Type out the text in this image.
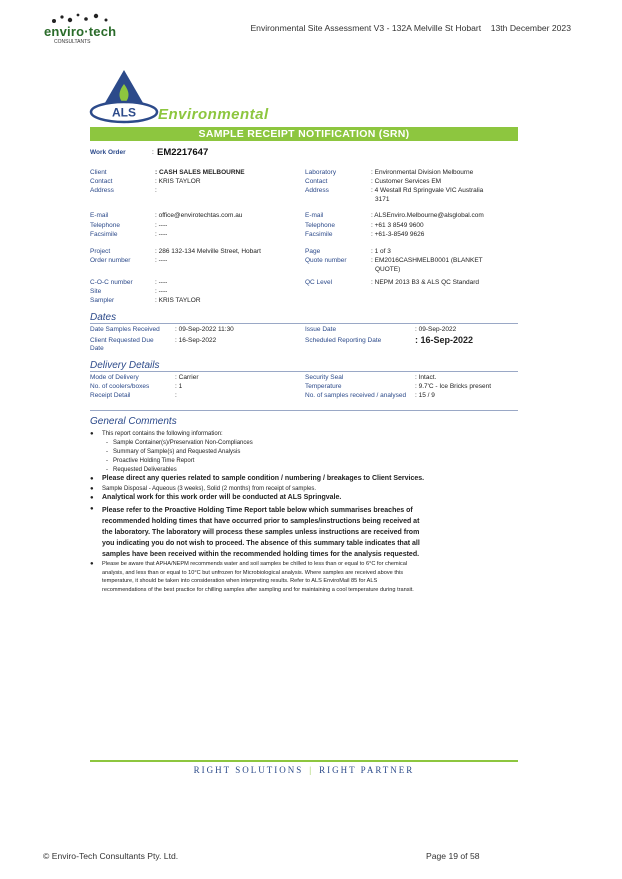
enviro·tech
CONSULTANTS
Environmental Site Assessment V3 - 132A Melville St Hobart 13th December 2023
ALS Environmental
SAMPLE RECEIPT NOTIFICATION (SRN)
Work Order	: EM2217647
Client	: CASH SALES MELBOURNE
Contact	: KRIS TAYLOR
Address	:
E-mail	: office@envirotechtas.com.au
Telephone	: ----
Facsimile	: ----
Project	: 286 132-134 Melville Street, Hobart
Order number	: ----
C-O-C number	: ----
Site	: ----
Sampler	: KRIS TAYLOR
Laboratory	: Environmental Division Melbourne
Contact	: Customer Services EM
Address	: 4 Westall Rd Springvale VIC Australia
3171
E-mail	: ALSEnviro.Melbourne@alsglobal.com
Telephone	: +61 3 8549 9600
Facsimile	: +61-3-8549 9626
Page	: 1 of 3
Quote number	: EM2016CASHMELB0001 (BLANKET
QUOTE)
QC Level	: NEPM 2013 B3 & ALS QC Standard
Dates
Date Samples Received : 09-Sep-2022 11:30
Client Requested Due
Date
: 16-Sep-2022
Issue Date	: 09-Sep-2022
Scheduled Reporting Date	: 16-Sep-2022
Delivery Details
Mode of Delivery	: Carrier
No. of coolers/boxes	: 1
Receipt Detail	:
Security Seal	: Intact.
Temperature	: 9.7'C - Ice Bricks present
No. of samples received / analysed : 15 / 9
General Comments
● This report contains the following information:
-   Sample Container(s)/Preservation Non-Compliances
-   Summary of Sample(s) and Requested Analysis
-   Proactive Holding Time Report
-   Requested Deliverables
● Please direct any queries related to sample condition / numbering / breakages to Client Services.
● Sample Disposal - Aqueous (3 weeks), Solid (2 months) from receipt of samples.
● Analytical work for this work order will be conducted at ALS Springvale.
● Please refer to the Proactive Holding Time Report table below which summarises breaches of
recommended holding times that have occurred prior to samples/instructions being received at
the laboratory. The laboratory will process these samples unless instructions are received from
you indicating you do not wish to proceed. The absence of this summary table indicates that all
samples have been received within the recommended holding times for the analysis requested.
● Please be aware that APHA/NEPM recommends water and soil samples be chilled to less than or equal to 6°C for chemical
analysis, and less than or equal to 10°C but unfrozen for Microbiological analysis. Where samples are received above this
temperature, it should be taken into consideration when interpreting results. Refer to ALS EnviroMail 85 for ALS
recommendations of the best practice for chilling samples after sampling and for maintaining a cool temperature during transit.
RIGHT SOLUTIONS | RIGHT PARTNER
© Enviro-Tech Consultants Pty. Ltd.	Page 19 of 58
